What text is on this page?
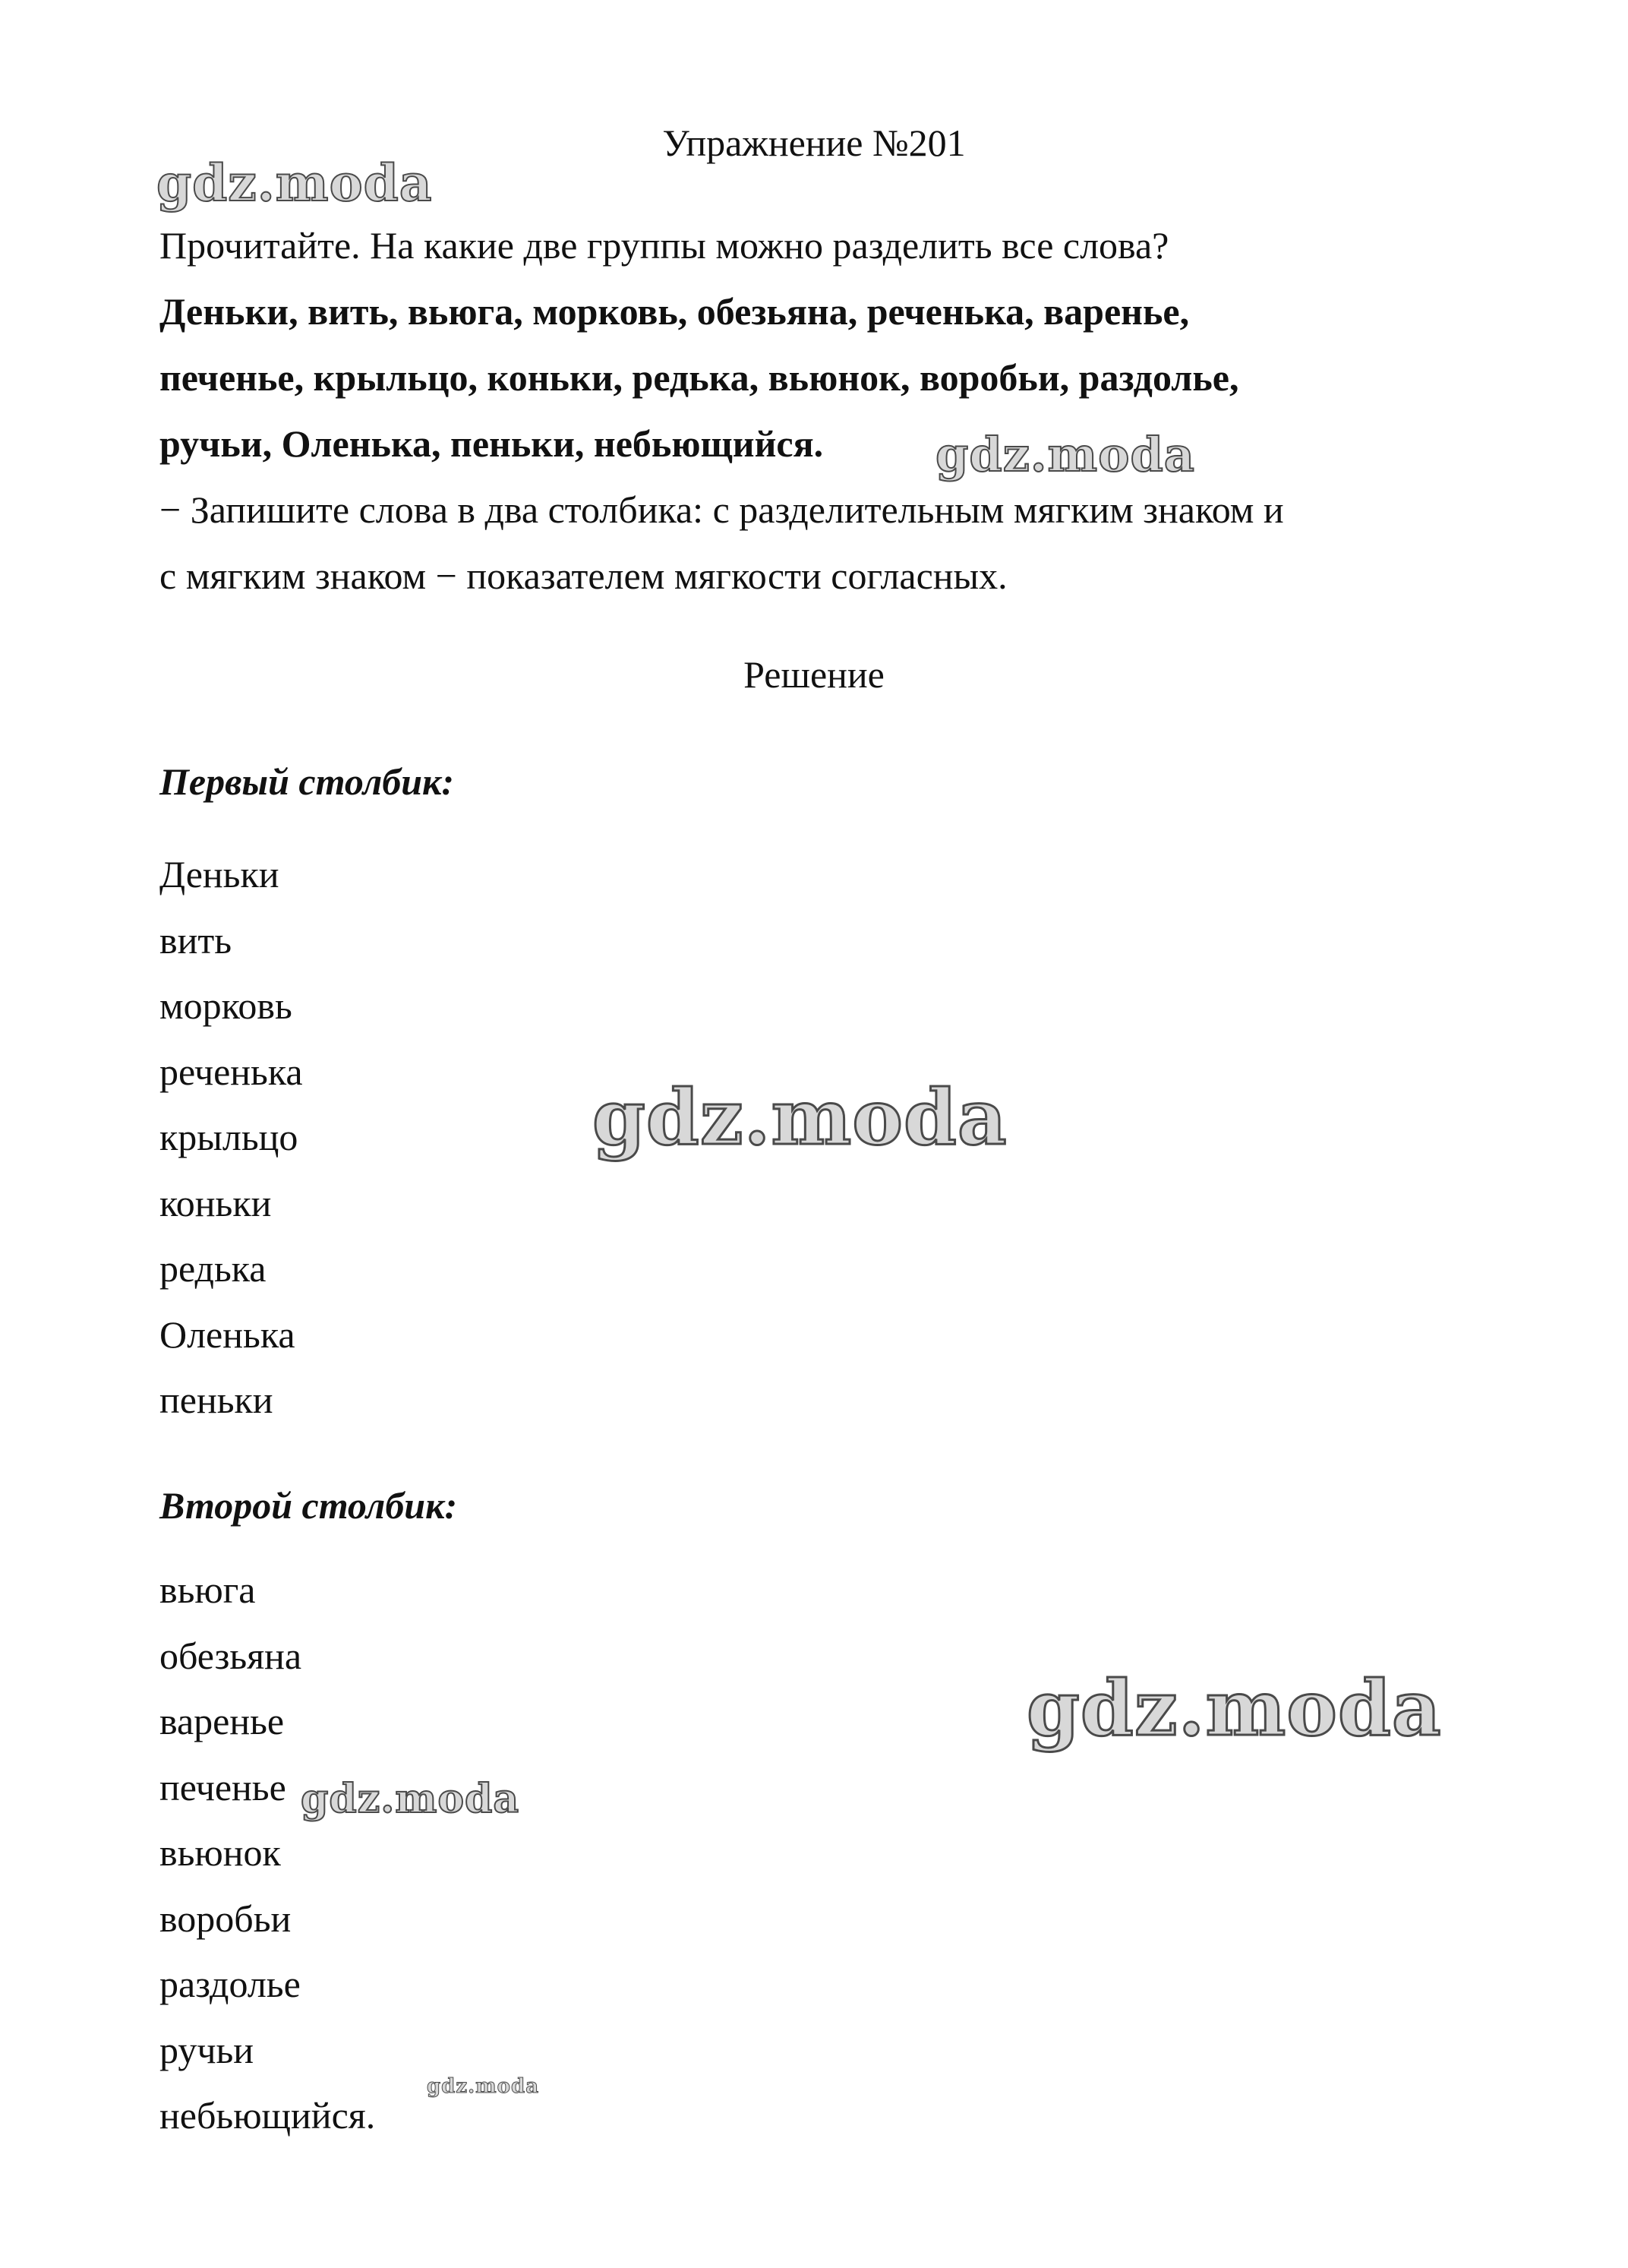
Упражнение №201

Прочитайте. На какие две группы можно разделить все слова?

Деньки, вить, вьюга, морковь, обезьяна, реченька, варенье,

печенье, крыльцо, коньки, редька, вьюнок, воробьи, раздолье,

ручьи, Оленька, пеньки, небьющийся.

− Запишите слова в два столбика: с разделительным мягким знаком и

с мягким знаком − показателем мягкости согласных.

Решение
Первый столбик:
Деньки
вить
морковь
реченька
крыльцо
коньки
редька
Оленька
пеньки
Второй столбик:
вьюга
обезьяна
варенье
печенье
вьюнок
воробьи
раздолье
ручьи
небьющийся.
gdz.moda
gdz.moda
gdz.moda
gdz.moda
gdz.moda
gdz.moda
